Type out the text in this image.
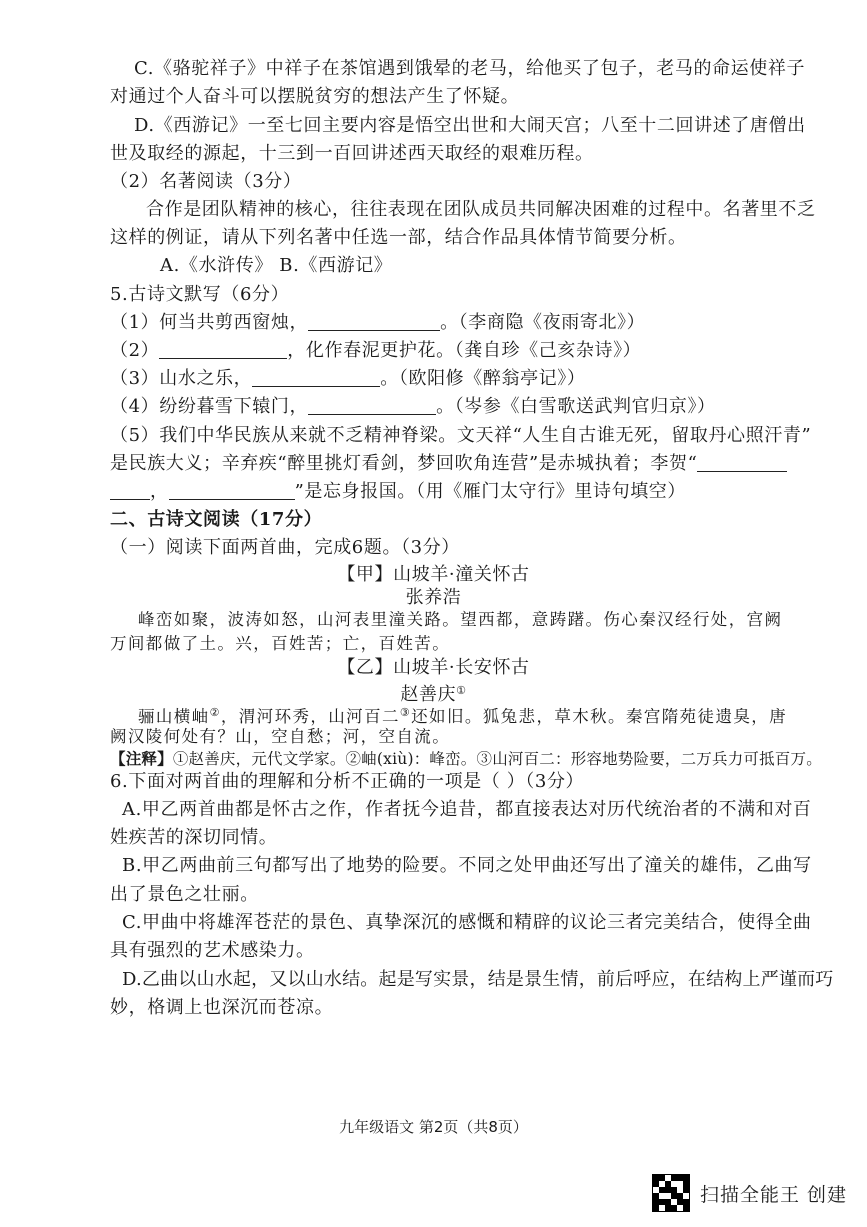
C.《骆驼祥子》中祥子在茶馆遇到饿晕的老马，给他买了包子，老马的命运使祥子
对通过个人奋斗可以摆脱贫穷的想法产生了怀疑。
D.《西游记》一至七回主要内容是悟空出世和大闹天宫；八至十二回讲述了唐僧出
世及取经的源起，十三到一百回讲述西天取经的艰难历程。
（2）名著阅读（3分）
合作是团队精神的核心，往往表现在团队成员共同解决困难的过程中。名著里不乏
这样的例证，请从下列名著中任选一部，结合作品具体情节简要分析。
A.《水浒传》 B.《西游记》
5.古诗文默写（6分）
（1）何当共剪西窗烛，	。（李商隐《夜雨寄北》）
（2）	，化作春泥更护花。（龚自珍《己亥杂诗》）
（3）山水之乐，	。（欧阳修《醉翁亭记》）
（4）纷纷暮雪下辕门，	。（岑参《白雪歌送武判官归京》）
（5）我们中华民族从来就不乏精神脊梁。文天祥“人生自古谁无死，留取丹心照汗青”
是民族大义；辛弃疾“醉里挑灯看剑，梦回吹角连营”是赤城执着；李贺“
，	”是忘身报国。（用《雁门太守行》里诗句填空）
二、古诗文阅读（17分）
（一）阅读下面两首曲，完成6题。（3分）
【甲】山坡羊·潼关怀古
张养浩
峰峦如聚，波涛如怒，山河表里潼关路。望西都，意踌躇。伤心秦汉经行处，宫阙
万间都做了土。兴，百姓苦；亡，百姓苦。
【乙】山坡羊·长安怀古
赵善庆①
骊山横岫②，渭河环秀，山河百二③还如旧。狐兔悲，草木秋。秦宫隋苑徒遗臭，唐
阙汉陵何处有？山，空自愁；河，空自流。
【注释】①赵善庆，元代文学家。②岫(xiù)：峰峦。③山河百二：形容地势险要，二万兵力可抵百万。
6.下面对两首曲的理解和分析不正确的一项是（ ）（3分）
A.甲乙两首曲都是怀古之作，作者抚今追昔，都直接表达对历代统治者的不满和对百
姓疾苦的深切同情。
B.甲乙两曲前三句都写出了地势的险要。不同之处甲曲还写出了潼关的雄伟，乙曲写
出了景色之壮丽。
C.甲曲中将雄浑苍茫的景色、真挚深沉的感慨和精辟的议论三者完美结合，使得全曲
具有强烈的艺术感染力。
D.乙曲以山水起，又以山水结。起是写实景，结是景生情，前后呼应，在结构上严谨而巧
妙，格调上也深沉而苍凉。
九年级语文 第2页（共8页）
扫描全能王 创建
